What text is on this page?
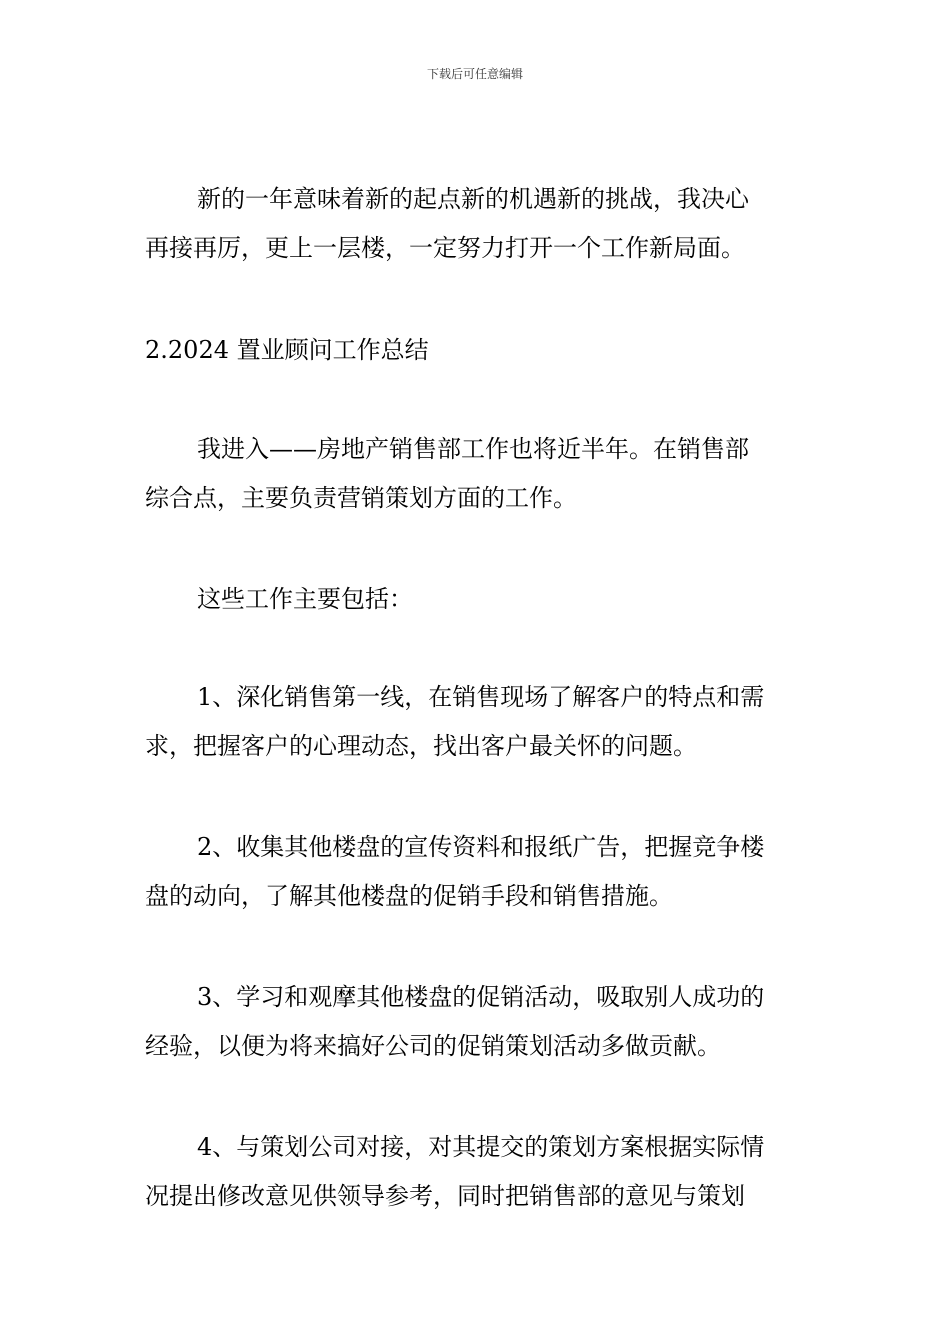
下载后可任意编辑

新的一年意味着新的起点新的机遇新的挑战，我决心
再接再厉，更上一层楼，一定努力打开一个工作新局面。

2.2024 置业顾问工作总结

我进入——房地产销售部工作也将近半年。在销售部
综合点，主要负责营销策划方面的工作。

这些工作主要包括：

1、深化销售第一线，在销售现场了解客户的特点和需
求，把握客户的心理动态，找出客户最关怀的问题。

2、收集其他楼盘的宣传资料和报纸广告，把握竞争楼
盘的动向，了解其他楼盘的促销手段和销售措施。

3、学习和观摩其他楼盘的促销活动，吸取别人成功的
经验，以便为将来搞好公司的促销策划活动多做贡献。

4、与策划公司对接，对其提交的策划方案根据实际情
况提出修改意见供领导参考，同时把销售部的意见与策划
